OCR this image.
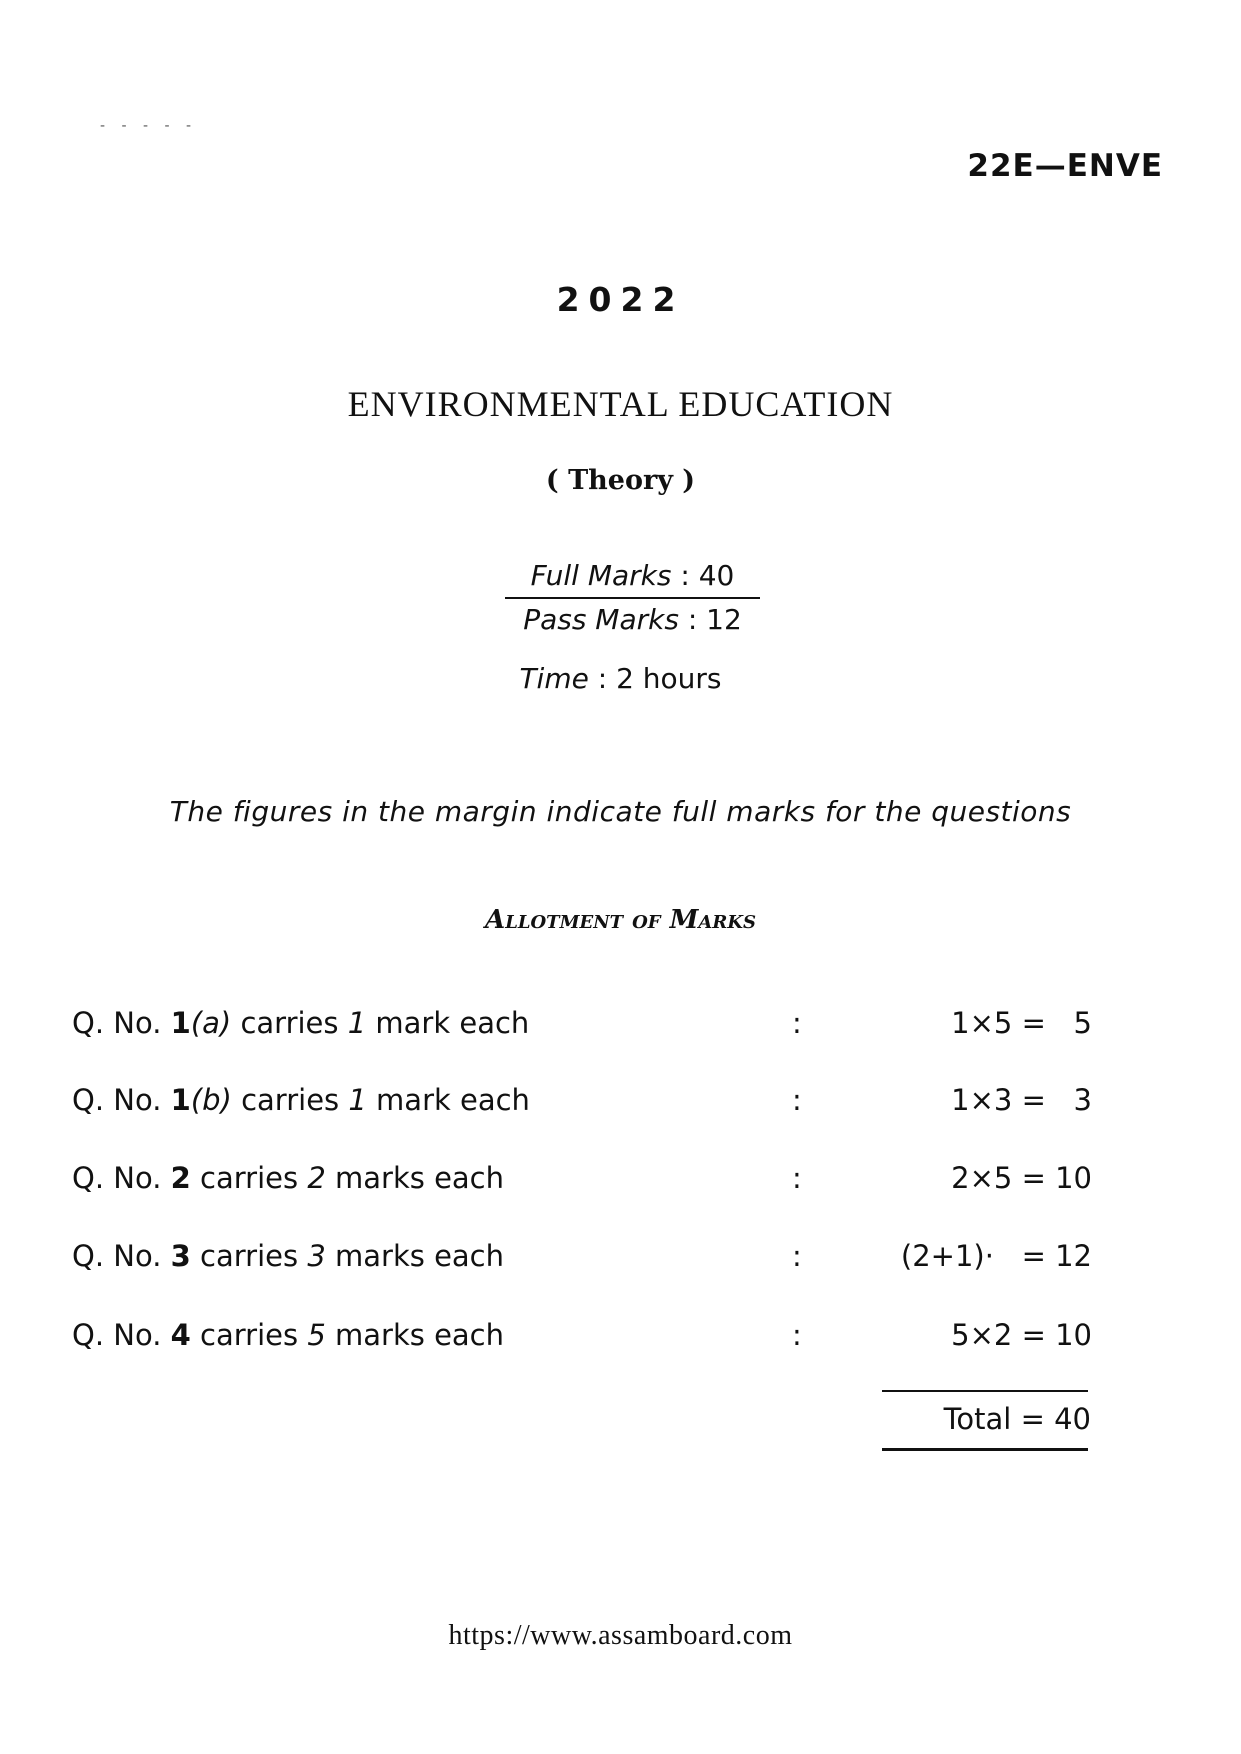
- - - - -
22E—ENVE
2022
ENVIRONMENTAL EDUCATION
( Theory )
Full Marks : 40
Pass Marks : 12
Time : 2 hours
The figures in the margin indicate full marks for the questions
Allotment of Marks
Q. No. 1(a) carries 1 mark each	:	1×5 =   5
Q. No. 1(b) carries 1 mark each	:	1×3 =   3
Q. No. 2 carries 2 marks each	:	2×5 = 10
Q. No. 3 carries 3 marks each	:	(2+1)·   = 12
Q. No. 4 carries 5 marks each	:	5×2 = 10
Total = 40
https://www.assamboard.com
